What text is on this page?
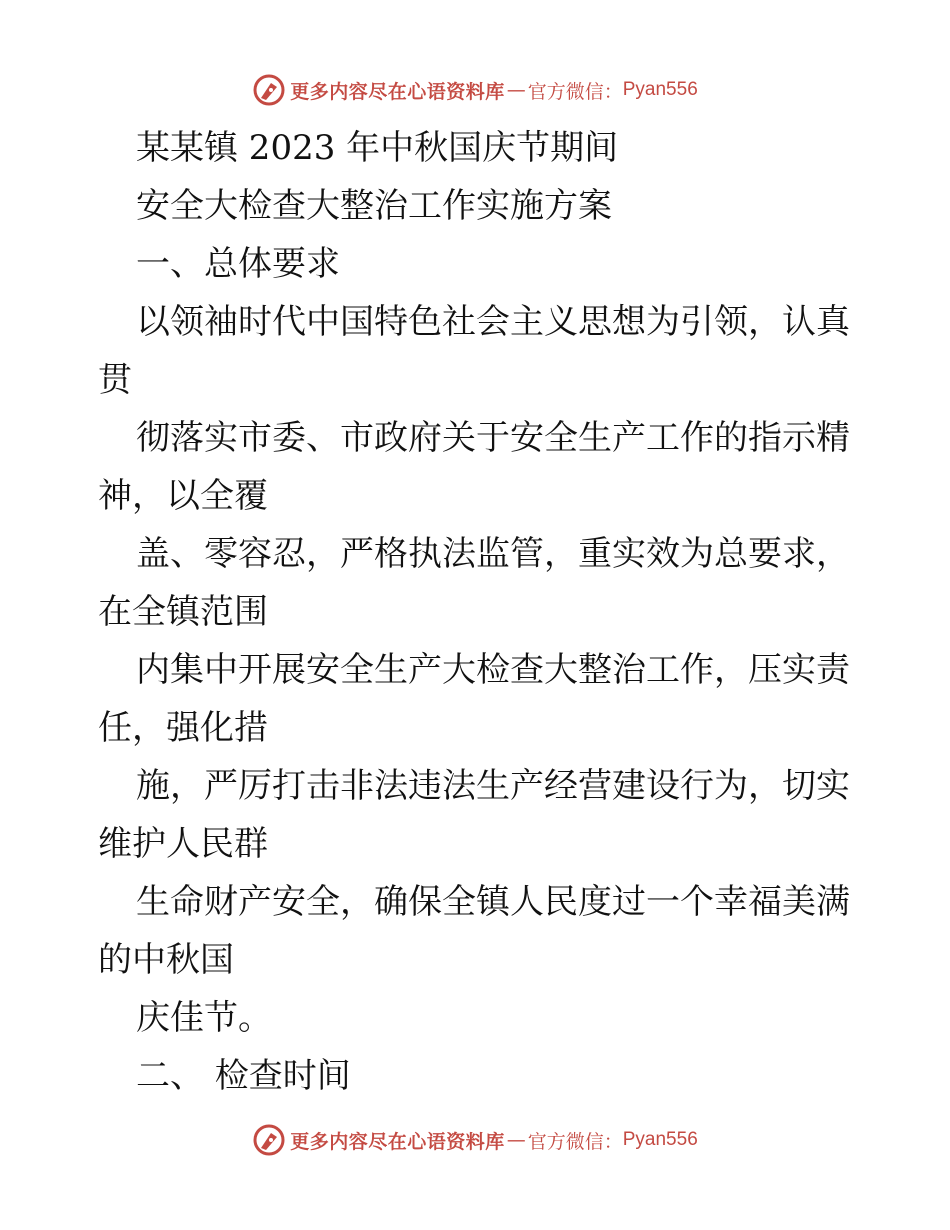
更多内容尽在心语资料库 — 官方微信： Pyan556
某某镇 2023 年中秋国庆节期间
安全大检查大整治工作实施方案
一、总体要求
以领袖时代中国特色社会主义思想为引领，认真
贯
彻落实市委、市政府关于安全生产工作的指示精
神，以全覆
盖、零容忍，严格执法监管，重实效为总要求，
在全镇范围
内集中开展安全生产大检查大整治工作，压实责
任，强化措
施，严厉打击非法违法生产经营建设行为，切实
维护人民群
生命财产安全，确保全镇人民度过一个幸福美满
的中秋国
庆佳节。
二、 检查时间
更多内容尽在心语资料库 — 官方微信： Pyan556
